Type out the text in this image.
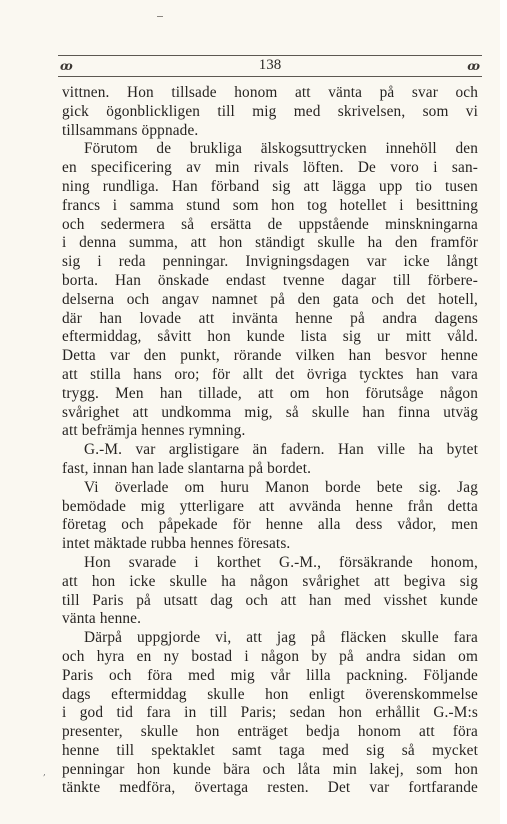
ꝏ	138	ꝏ
vittnen. Hon tillsade honom att vänta på svar och
gick ögonblickligen till mig med skrivelsen, som vi
tillsammans öppnade.
Förutom de brukliga älskogsuttrycken innehöll den
en specificering av min rivals löften. De voro i san-
ning rundliga. Han förband sig att lägga upp tio tusen
francs i samma stund som hon tog hotellet i besittning
och sedermera så ersätta de uppstående minskningarna
i denna summa, att hon ständigt skulle ha den framför
sig i reda penningar. Invigningsdagen var icke långt
borta. Han önskade endast tvenne dagar till förbere-
delserna och angav namnet på den gata och det hotell,
där han lovade att invänta henne på andra dagens
eftermiddag, såvitt hon kunde lista sig ur mitt våld.
Detta var den punkt, rörande vilken han besvor henne
att stilla hans oro; för allt det övriga tycktes han vara
trygg. Men han tillade, att om hon förutsåge någon
svårighet att undkomma mig, så skulle han finna utväg
att befrämja hennes rymning.
G.-M. var arglistigare än fadern. Han ville ha bytet
fast, innan han lade slantarna på bordet.
Vi överlade om huru Manon borde bete sig. Jag
bemödade mig ytterligare att avvända henne från detta
företag och påpekade för henne alla dess vådor, men
intet mäktade rubba hennes föresats.
Hon svarade i korthet G.-M., försäkrande honom,
att hon icke skulle ha någon svårighet att begiva sig
till Paris på utsatt dag och att han med visshet kunde
vänta henne.
Därpå uppgjorde vi, att jag på fläcken skulle fara
och hyra en ny bostad i någon by på andra sidan om
Paris och föra med mig vår lilla packning. Följande
dags eftermiddag skulle hon enligt överenskommelse
i god tid fara in till Paris; sedan hon erhållit G.-M:s
presenter, skulle hon enträget bedja honom att föra
henne till spektaklet samt taga med sig så mycket
penningar hon kunde bära och låta min lakej, som hon
tänkte medföra, övertaga resten. Det var fortfarande
,
